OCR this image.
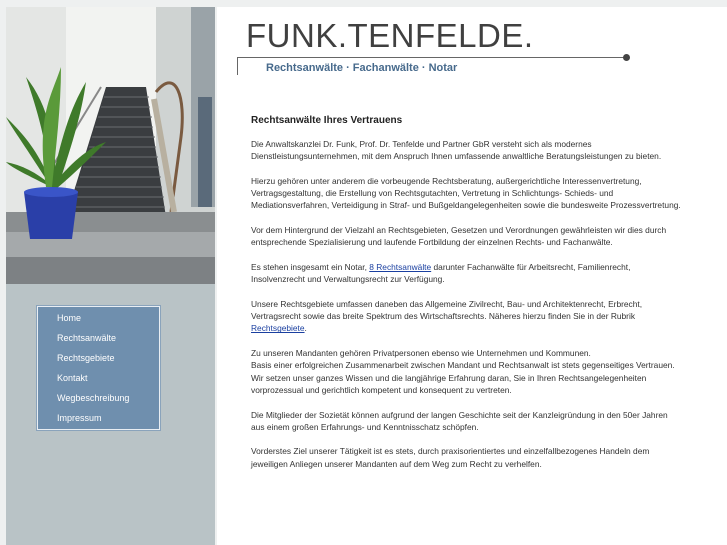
Home
Rechtsanwälte
Rechtsgebiete
Kontakt
Wegbeschreibung
Impressum
FUNK.TENFELDE.
Rechtsanwälte · Fachanwälte · Notar
Rechtsanwälte Ihres Vertrauens

Die Anwaltskanzlei Dr. Funk, Prof. Dr. Tenfelde und Partner GbR versteht sich als modernes Dienstleistungsunternehmen, mit dem Anspruch Ihnen umfassende anwaltliche Beratungsleistungen zu bieten.

Hierzu gehören unter anderem die vorbeugende Rechtsberatung, außergerichtliche Interessenvertretung, Vertragsgestaltung, die Erstellung von Rechtsgutachten, Vertretung in Schlichtungs- Schieds- und Mediationsverfahren, Verteidigung in Straf- und Bußgeldangelegenheiten sowie die bundesweite Prozessvertretung.

Vor dem Hintergrund der Vielzahl an Rechtsgebieten, Gesetzen und Verordnungen gewährleisten wir dies durch entsprechende Spezialisierung und laufende Fortbildung der einzelnen Rechts- und Fachanwälte.

Es stehen insgesamt ein Notar, 8 Rechtsanwälte darunter Fachanwälte für Arbeitsrecht, Familienrecht, Insolvenzrecht und Verwaltungsrecht zur Verfügung.

Unsere Rechtsgebiete umfassen daneben das Allgemeine Zivilrecht, Bau- und Architektenrecht, Erbrecht, Vertragsrecht sowie das breite Spektrum des Wirtschaftsrechts. Näheres hierzu finden Sie in der Rubrik Rechtsgebiete.

Zu unseren Mandanten gehören Privatpersonen ebenso wie Unternehmen und Kommunen.
Basis einer erfolgreichen Zusammenarbeit zwischen Mandant und Rechtsanwalt ist stets gegenseitiges Vertrauen. Wir setzen unser ganzes Wissen und die langjährige Erfahrung daran, Sie in Ihren Rechtsangelegenheiten vorprozessual und gerichtlich kompetent und konsequent zu vertreten.

Die Mitglieder der Sozietät können aufgrund der langen Geschichte seit der Kanzleigründung in den 50er Jahren aus einem großen Erfahrungs- und Kenntnisschatz schöpfen.

Vorderstes Ziel unserer Tätigkeit ist es stets, durch praxisorientiertes und einzelfallbezogenes Handeln dem jeweiligen Anliegen unserer Mandanten auf dem Weg zum Recht zu verhelfen.
